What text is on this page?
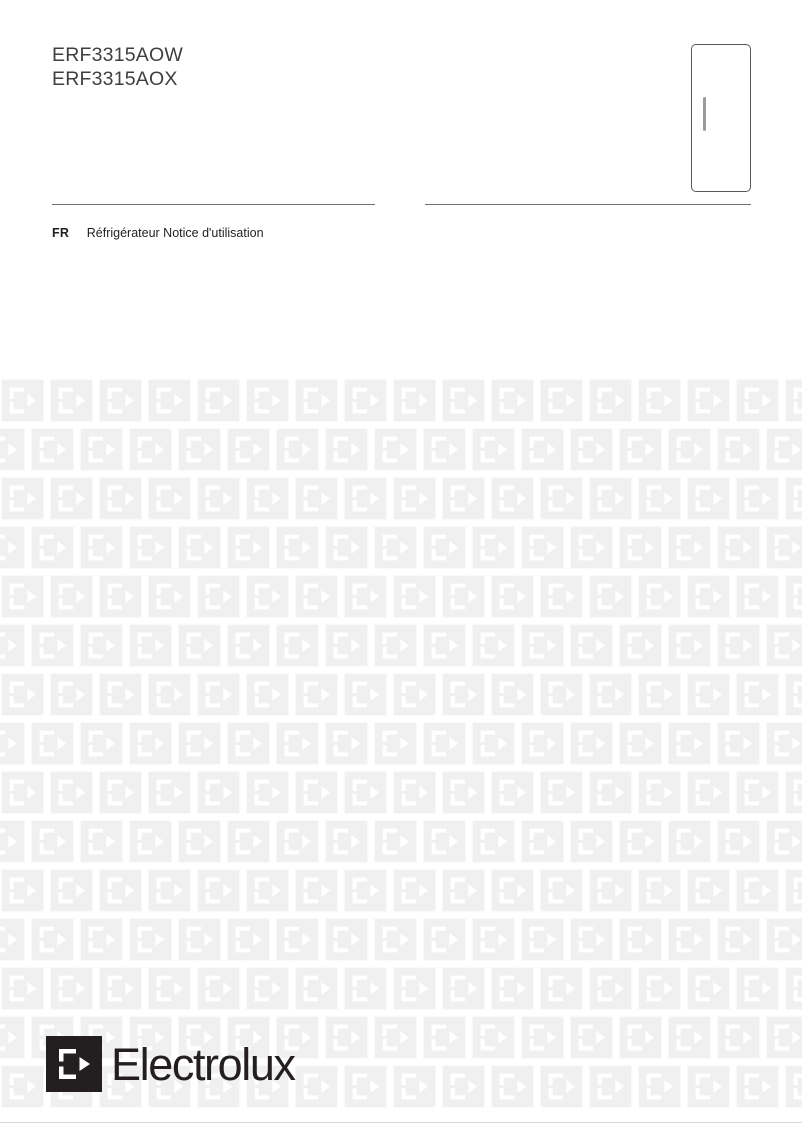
ERF3315AOW
ERF3315AOX
FR Réfrigérateur Notice d'utilisation
Electrolux
